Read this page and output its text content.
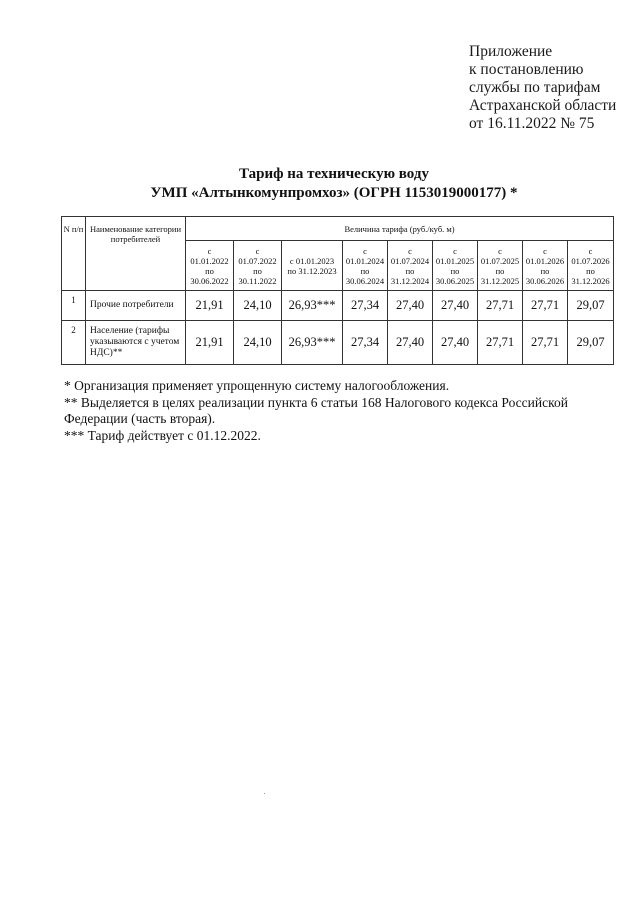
Приложение
к постановлению
службы по тарифам
Астраханской области
от 16.11.2022 № 75
Тариф на техническую воду
УМП «Алтынкомунпромхоз» (ОГРН 1153019000177) *
N п/п	Наименование категории потребителей	Величина тарифа (руб./куб. м)								

		с
01.01.2022
по
30.06.2022	с
01.07.2022
по
30.11.2022	с 01.01.2023
по 31.12.2023	с
01.01.2024
по
30.06.2024	с
01.07.2024
по
31.12.2024	с
01.01.2025
по
30.06.2025	с
01.07.2025
по
31.12.2025	с
01.01.2026
по
30.06.2026	с
01.07.2026
по
31.12.2026

1	Прочие потребители	21,91	24,10	26,93***	27,34	27,40	27,40	27,71	27,71	29,07
2	Население (тарифы указываются с учетом НДС)**	21,91	24,10	26,93***	27,34	27,40	27,40	27,71	27,71	29,07
* Организация применяет упрощенную систему налогообложения.
** Выделяется в целях реализации пункта 6 статьи 168 Налогового кодекса Российской Федерации (часть вторая).
*** Тариф действует с 01.12.2022.
